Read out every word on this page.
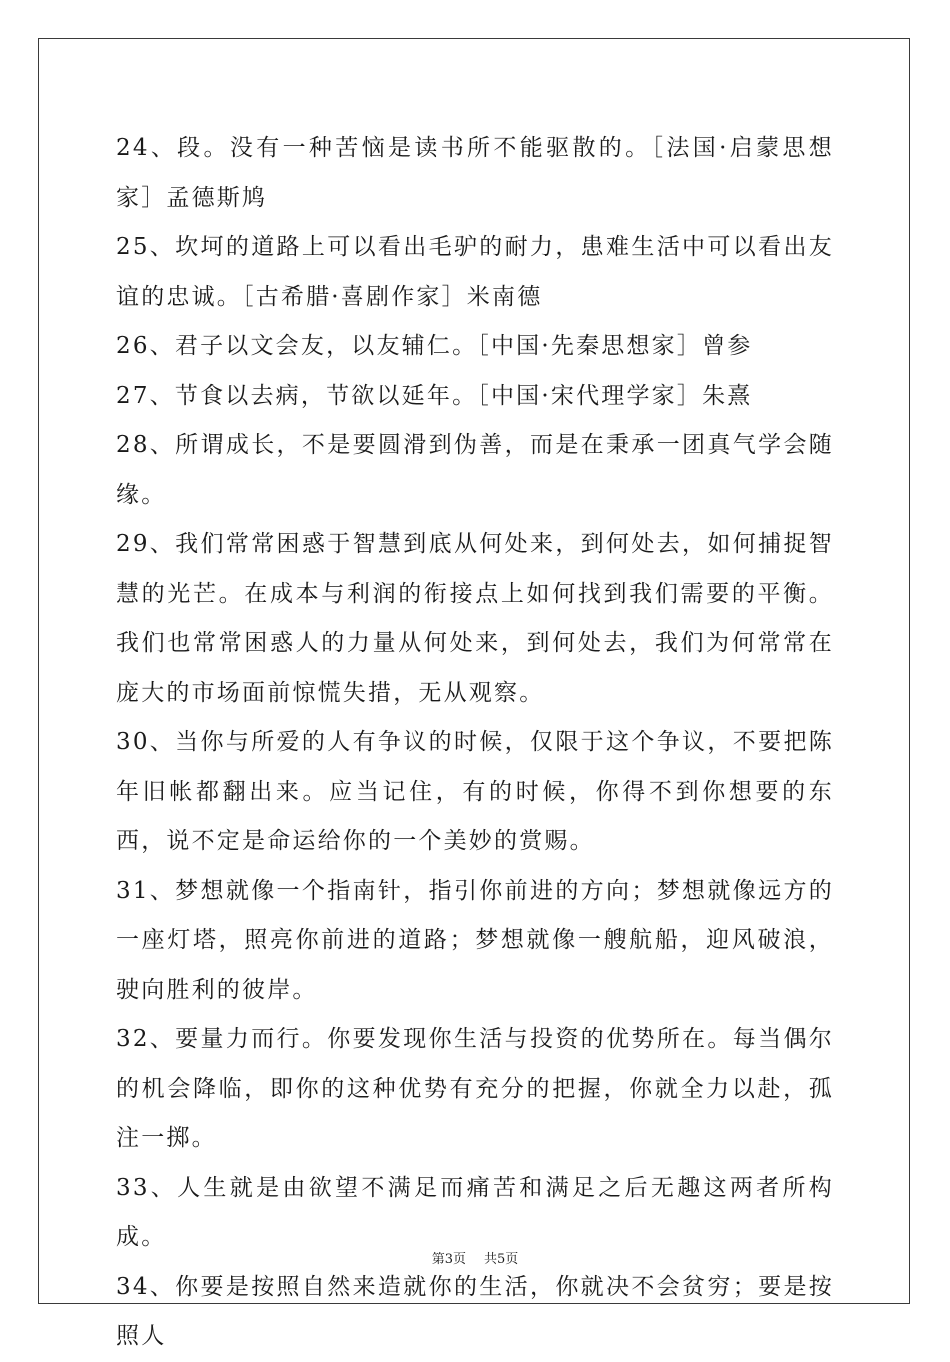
24、段。没有一种苦恼是读书所不能驱散的。［法国·启蒙思想家］孟德斯鸠

25、坎坷的道路上可以看出毛驴的耐力，患难生活中可以看出友谊的忠诚。［古希腊·喜剧作家］米南德

26、君子以文会友，以友辅仁。［中国·先秦思想家］曾参

27、节食以去病，节欲以延年。［中国·宋代理学家］朱熹

28、所谓成长，不是要圆滑到伪善，而是在秉承一团真气学会随缘。

29、我们常常困惑于智慧到底从何处来，到何处去，如何捕捉智慧的光芒。在成本与利润的衔接点上如何找到我们需要的平衡。我们也常常困惑人的力量从何处来，到何处去，我们为何常常在庞大的市场面前惊慌失措，无从观察。

30、当你与所爱的人有争议的时候，仅限于这个争议，不要把陈年旧帐都翻出来。应当记住，有的时候，你得不到你想要的东西，说不定是命运给你的一个美妙的赏赐。

31、梦想就像一个指南针，指引你前进的方向；梦想就像远方的一座灯塔，照亮你前进的道路；梦想就像一艘航船，迎风破浪，驶向胜利的彼岸。

32、要量力而行。你要发现你生活与投资的优势所在。每当偶尔的机会降临，即你的这种优势有充分的把握，你就全力以赴，孤注一掷。

33、人生就是由欲望不满足而痛苦和满足之后无趣这两者所构成。

34、你要是按照自然来造就你的生活，你就决不会贫穷；要是按照人

第3页 共5页
